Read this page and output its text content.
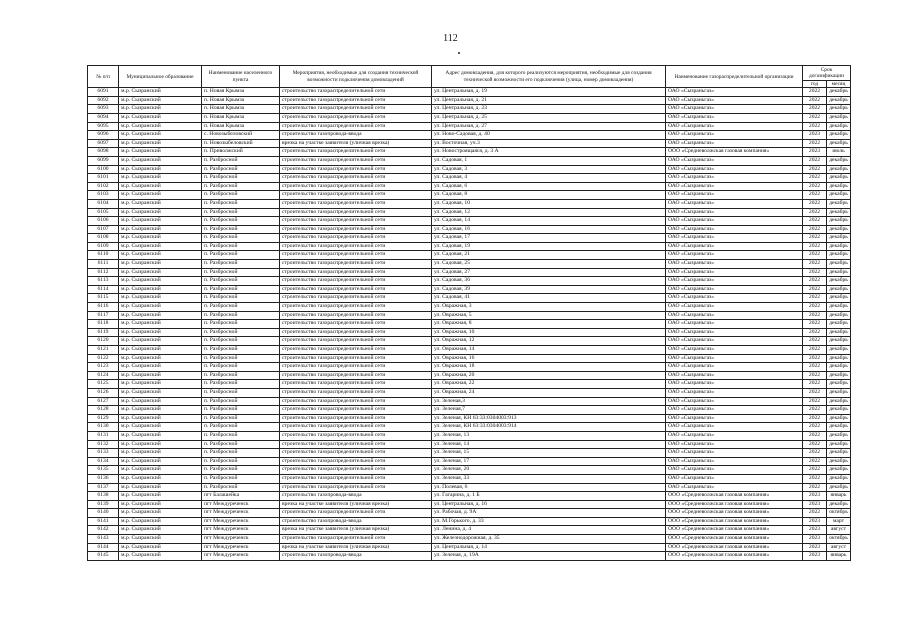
112
№ п/п	Муниципальное образование	Наименование населенного пункта	Мероприятия, необходимые для создания технической возможности подключения домовладений	Адрес домовладения, для которого реализуются мероприятия, необходимые для создания технической возможности его подключения (улица, номер домовладения)	Наименование газораспределительной организации	Срок догазификации	
						год	месяц
6091	м.р. Сызранский	п. Новая Крымза	строительство газораспределительной сети	ул. Центральная, д. 19	ОАО «Сызраньгаз»	2022	декабрь
6092	м.р. Сызранский	п. Новая Крымза	строительство газораспределительной сети	ул. Центральная, д. 21	ОАО «Сызраньгаз»	2022	декабрь
6093	м.р. Сызранский	п. Новая Крымза	строительство газораспределительной сети	ул. Центральная, д. 23	ОАО «Сызраньгаз»	2022	декабрь
6094	м.р. Сызранский	п. Новая Крымза	строительство газораспределительной сети	ул. Центральная, д. 25	ОАО «Сызраньгаз»	2022	декабрь
6095	м.р. Сызранский	п. Новая Крымза	строительство газораспределительной сети	ул. Центральная, д. 27	ОАО «Сызраньгаз»	2022	декабрь
6096	м.р. Сызранский	с. Новозыбеловский	строительство газопровода-ввода	ул. Ново-Садовая, д. 40	ОАО «Сызраньгаз»	2023	декабрь
6097	м.р. Сызранский	п. Новозыбеловский	врезка на участке заявителя (уличная врезка)	ул. Восточная, уч.3	ОАО «Сызраньгаз»	2022	декабрь
6098	м.р. Сызранский	п. Приволжский	строительство газораспределительной сети	ул. Новостроящаяся, д. 3 А	ООО «Средневолжская газовая компания»	2023	июль
6099	м.р. Сызранский	п. Разбросной	строительство газораспределительной сети	ул. Садовая, 1	ОАО «Сызраньгаз»	2022	декабрь
6100	м.р. Сызранский	п. Разбросной	строительство газораспределительной сети	ул. Садовая, 3	ОАО «Сызраньгаз»	2022	декабрь
6101	м.р. Сызранский	п. Разбросной	строительство газораспределительной сети	ул. Садовая, 4	ОАО «Сызраньгаз»	2022	декабрь
6102	м.р. Сызранский	п. Разбросной	строительство газораспределительной сети	ул. Садовая, 6	ОАО «Сызраньгаз»	2022	декабрь
6103	м.р. Сызранский	п. Разбросной	строительство газораспределительной сети	ул. Садовая, 8	ОАО «Сызраньгаз»	2022	декабрь
6104	м.р. Сызранский	п. Разбросной	строительство газораспределительной сети	ул. Садовая, 10	ОАО «Сызраньгаз»	2022	декабрь
6105	м.р. Сызранский	п. Разбросной	строительство газораспределительной сети	ул. Садовая, 12	ОАО «Сызраньгаз»	2022	декабрь
6106	м.р. Сызранский	п. Разбросной	строительство газораспределительной сети	ул. Садовая, 14	ОАО «Сызраньгаз»	2022	декабрь
6107	м.р. Сызранский	п. Разбросной	строительство газораспределительной сети	ул. Садовая, 16	ОАО «Сызраньгаз»	2022	декабрь
6108	м.р. Сызранский	п. Разбросной	строительство газораспределительной сети	ул. Садовая, 17	ОАО «Сызраньгаз»	2022	декабрь
6109	м.р. Сызранский	п. Разбросной	строительство газораспределительной сети	ул. Садовая, 19	ОАО «Сызраньгаз»	2022	декабрь
6110	м.р. Сызранский	п. Разбросной	строительство газораспределительной сети	ул. Садовая, 21	ОАО «Сызраньгаз»	2022	декабрь
6111	м.р. Сызранский	п. Разбросной	строительство газораспределительной сети	ул. Садовая, 25	ОАО «Сызраньгаз»	2022	декабрь
6112	м.р. Сызранский	п. Разбросной	строительство газораспределительной сети	ул. Садовая, 27	ОАО «Сызраньгаз»	2022	декабрь
6113	м.р. Сызранский	п. Разбросной	строительство газораспределительной сети	ул. Садовая, 36	ОАО «Сызраньгаз»	2022	декабрь
6114	м.р. Сызранский	п. Разбросной	строительство газораспределительной сети	ул. Садовая, 39	ОАО «Сызраньгаз»	2022	декабрь
6115	м.р. Сызранский	п. Разбросной	строительство газораспределительной сети	ул. Садовая, 41	ОАО «Сызраньгаз»	2022	декабрь
6116	м.р. Сызранский	п. Разбросной	строительство газораспределительной сети	ул. Овражная, 3	ОАО «Сызраньгаз»	2022	декабрь
6117	м.р. Сызранский	п. Разбросной	строительство газораспределительной сети	ул. Овражная, 5	ОАО «Сызраньгаз»	2022	декабрь
6118	м.р. Сызранский	п. Разбросной	строительство газораспределительной сети	ул. Овражная, 8	ОАО «Сызраньгаз»	2022	декабрь
6119	м.р. Сызранский	п. Разбросной	строительство газораспределительной сети	ул. Овражная, 10	ОАО «Сызраньгаз»	2022	декабрь
6120	м.р. Сызранский	п. Разбросной	строительство газораспределительной сети	ул. Овражная, 12	ОАО «Сызраньгаз»	2022	декабрь
6121	м.р. Сызранский	п. Разбросной	строительство газораспределительной сети	ул. Овражная, 14	ОАО «Сызраньгаз»	2022	декабрь
6122	м.р. Сызранский	п. Разбросной	строительство газораспределительной сети	ул. Овражная, 16	ОАО «Сызраньгаз»	2022	декабрь
6123	м.р. Сызранский	п. Разбросной	строительство газораспределительной сети	ул. Овражная, 18	ОАО «Сызраньгаз»	2022	декабрь
6124	м.р. Сызранский	п. Разбросной	строительство газораспределительной сети	ул. Овражная, 20	ОАО «Сызраньгаз»	2022	декабрь
6125	м.р. Сызранский	п. Разбросной	строительство газораспределительной сети	ул. Овражная, 22	ОАО «Сызраньгаз»	2022	декабрь
6126	м.р. Сызранский	п. Разбросной	строительство газораспределительной сети	ул. Овражная, 24	ОАО «Сызраньгаз»	2022	декабрь
6127	м.р. Сызранский	п. Разбросной	строительство газораспределительной сети	ул. Зеленая,3	ОАО «Сызраньгаз»	2022	декабрь
6128	м.р. Сызранский	п. Разбросной	строительство газораспределительной сети	ул. Зеленая,7	ОАО «Сызраньгаз»	2022	декабрь
6129	м.р. Сызранский	п. Разбросной	строительство газораспределительной сети	ул. Зеленая, КН 63:33:0304003:913	ОАО «Сызраньгаз»	2022	декабрь
6130	м.р. Сызранский	п. Разбросной	строительство газораспределительной сети	ул. Зеленая, КН 63:33:0304003:914	ОАО «Сызраньгаз»	2022	декабрь
6131	м.р. Сызранский	п. Разбросной	строительство газораспределительной сети	ул. Зеленая, 13	ОАО «Сызраньгаз»	2022	декабрь
6132	м.р. Сызранский	п. Разбросной	строительство газораспределительной сети	ул. Зеленая, 14	ОАО «Сызраньгаз»	2022	декабрь
6133	м.р. Сызранский	п. Разбросной	строительство газораспределительной сети	ул. Зеленая, 15	ОАО «Сызраньгаз»	2022	декабрь
6134	м.р. Сызранский	п. Разбросной	строительство газораспределительной сети	ул. Зеленая, 17	ОАО «Сызраньгаз»	2022	декабрь
6135	м.р. Сызранский	п. Разбросной	строительство газораспределительной сети	ул. Зеленая, 20	ОАО «Сызраньгаз»	2022	декабрь
6136	м.р. Сызранский	п. Разбросной	строительство газораспределительной сети	ул. Зеленая, 33	ОАО «Сызраньгаз»	2022	декабрь
6137	м.р. Сызранский	п. Разбросной	строительство газораспределительной сети	ул. Полевая, 6	ОАО «Сызраньгаз»	2022	декабрь
6138	м.р. Сызранский	пгт Балашейка	строительство газопровода-ввода	ул. Гагарина, д. 1 Б	ООО «Средневолжская газовая компания»	2023	январь
6139	м.р. Сызранский	пгт Междуреченск	врезка на участке заявителя (уличная врезка)	ул. Центральная, д. 16	ООО «Средневолжская газовая компания»	2023	декабрь
6140	м.р. Сызранский	пгт Междуреченск	строительство газораспределительной сети	ул. Рабочая, д. 9А	ООО «Средневолжская газовая компания»	2022	октябрь
6141	м.р. Сызранский	пгт Междуреченск	строительство газопровода-ввода	ул. М.Горького, д. 33	ООО «Средневолжская газовая компания»	2023	март
6142	м.р. Сызранский	пгт Междуреченск	врезка на участке заявителя (уличная врезка)	ул. Ленина, д. 4	ООО «Средневолжская газовая компания»	2023	август
6143	м.р. Сызранский	пгт Междуреченск	строительство газораспределительной сети	ул. Железнодорожная, д. 35	ООО «Средневолжская газовая компания»	2023	октябрь
6144	м.р. Сызранский	пгт Междуреченск	врезка на участке заявителя (уличная врезка)	ул. Центральная, д. 14	ООО «Средневолжская газовая компания»	2023	август
6145	м.р. Сызранский	пгт Междуреченск	строительство газопровода-ввода	ул. Зеленая, д. 19А	ООО «Средневолжская газовая компания»	2023	январь
